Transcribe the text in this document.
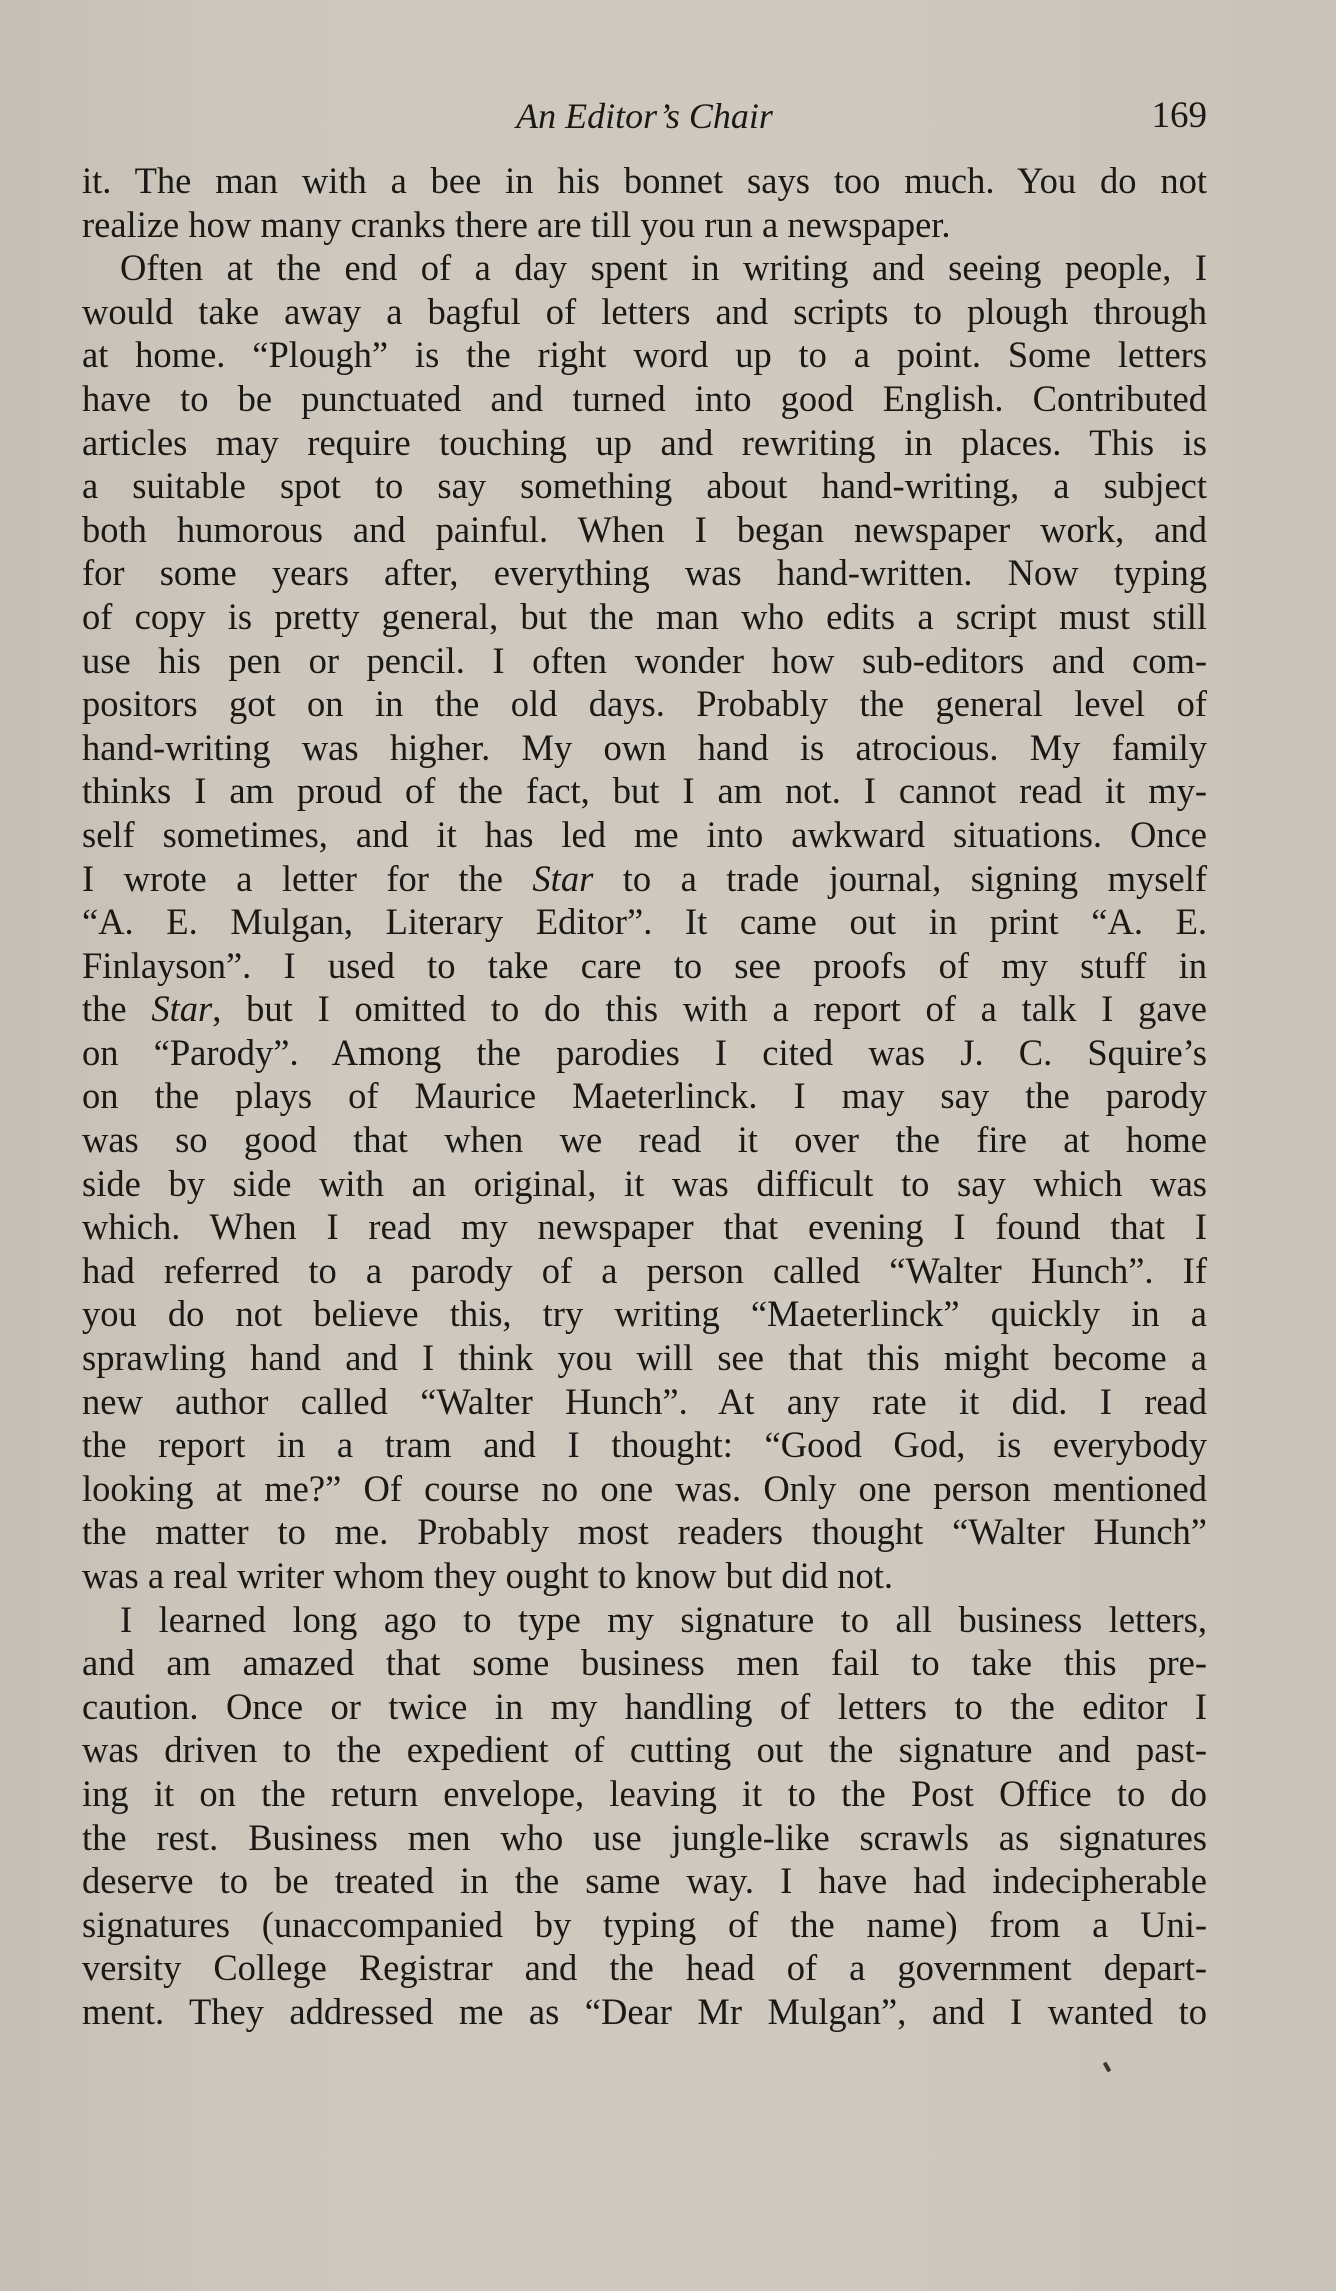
An Editor’s Chair	169
it. The man with a bee in his bonnet says too much. You do not
realize how many cranks there are till you run a newspaper.
Often at the end of a day spent in writing and seeing people, I
would take away a bagful of letters and scripts to plough through
at home. “Plough” is the right word up to a point. Some letters
have to be punctuated and turned into good English. Contributed
articles may require touching up and rewriting in places. This is
a suitable spot to say something about hand-writing, a subject
both humorous and painful. When I began newspaper work, and
for some years after, everything was hand-written. Now typing
of copy is pretty general, but the man who edits a script must still
use his pen or pencil. I often wonder how sub-editors and com-
positors got on in the old days. Probably the general level of
hand-writing was higher. My own hand is atrocious. My family
thinks I am proud of the fact, but I am not. I cannot read it my-
self sometimes, and it has led me into awkward situations. Once
I wrote a letter for the Star to a trade journal, signing myself
“A. E. Mulgan, Literary Editor”. It came out in print “A. E.
Finlayson”. I used to take care to see proofs of my stuff in
the Star, but I omitted to do this with a report of a talk I gave
on “Parody”. Among the parodies I cited was J. C. Squire’s
on the plays of Maurice Maeterlinck. I may say the parody
was so good that when we read it over the fire at home
side by side with an original, it was difficult to say which was
which. When I read my newspaper that evening I found that I
had referred to a parody of a person called “Walter Hunch”. If
you do not believe this, try writing “Maeterlinck” quickly in a
sprawling hand and I think you will see that this might become a
new author called “Walter Hunch”. At any rate it did. I read
the report in a tram and I thought: “Good God, is everybody
looking at me?” Of course no one was. Only one person mentioned
the matter to me. Probably most readers thought “Walter Hunch”
was a real writer whom they ought to know but did not.
I learned long ago to type my signature to all business letters,
and am amazed that some business men fail to take this pre-
caution. Once or twice in my handling of letters to the editor I
was driven to the expedient of cutting out the signature and past-
ing it on the return envelope, leaving it to the Post Office to do
the rest. Business men who use jungle-like scrawls as signatures
deserve to be treated in the same way. I have had indecipherable
signatures (unaccompanied by typing of the name) from a Uni-
versity College Registrar and the head of a government depart-
ment. They addressed me as “Dear Mr Mulgan”, and I wanted to
